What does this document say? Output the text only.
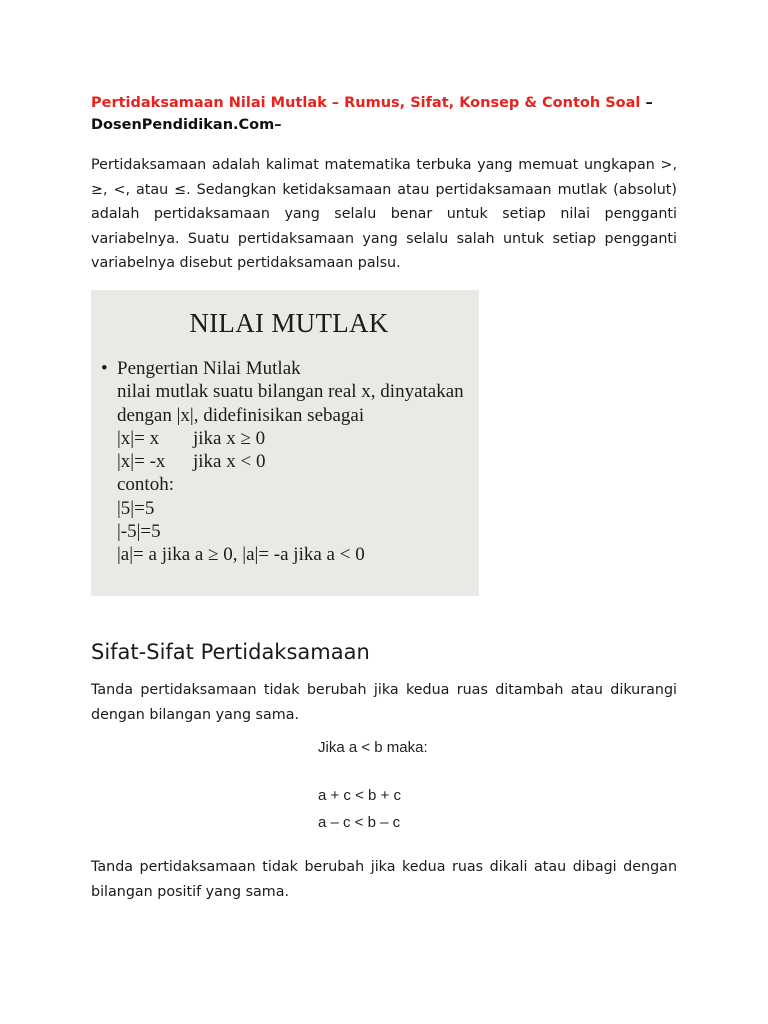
Pertidaksamaan Nilai Mutlak – Rumus, Sifat, Konsep & Contoh Soal –

DosenPendidikan.Com–

Pertidaksamaan adalah kalimat matematika terbuka yang memuat ungkapan >, ≥, <, atau ≤. Sedangkan ketidaksamaan atau pertidaksamaan mutlak (absolut) adalah pertidaksamaan yang selalu benar untuk setiap nilai pengganti variabelnya. Suatu pertidaksamaan yang selalu salah untuk setiap pengganti variabelnya disebut pertidaksamaan palsu.

NILAI MUTLAK
• Pengertian Nilai Mutlak
nilai mutlak suatu bilangan real x, dinyatakan
dengan |x|, didefinisikan sebagai
|x|= x	jika x ≥ 0
|x|= -x	jika x < 0
contoh:
|5|=5
|-5|=5
|a|= a jika a ≥ 0, |a|= -a jika a < 0
Sifat-Sifat Pertidaksamaan

Tanda pertidaksamaan tidak berubah jika kedua ruas ditambah atau dikurangi dengan bilangan yang sama.

Jika a < b maka:
a + c < b + c
a – c < b – c

Tanda pertidaksamaan tidak berubah jika kedua ruas dikali atau dibagi dengan bilangan positif yang sama.
